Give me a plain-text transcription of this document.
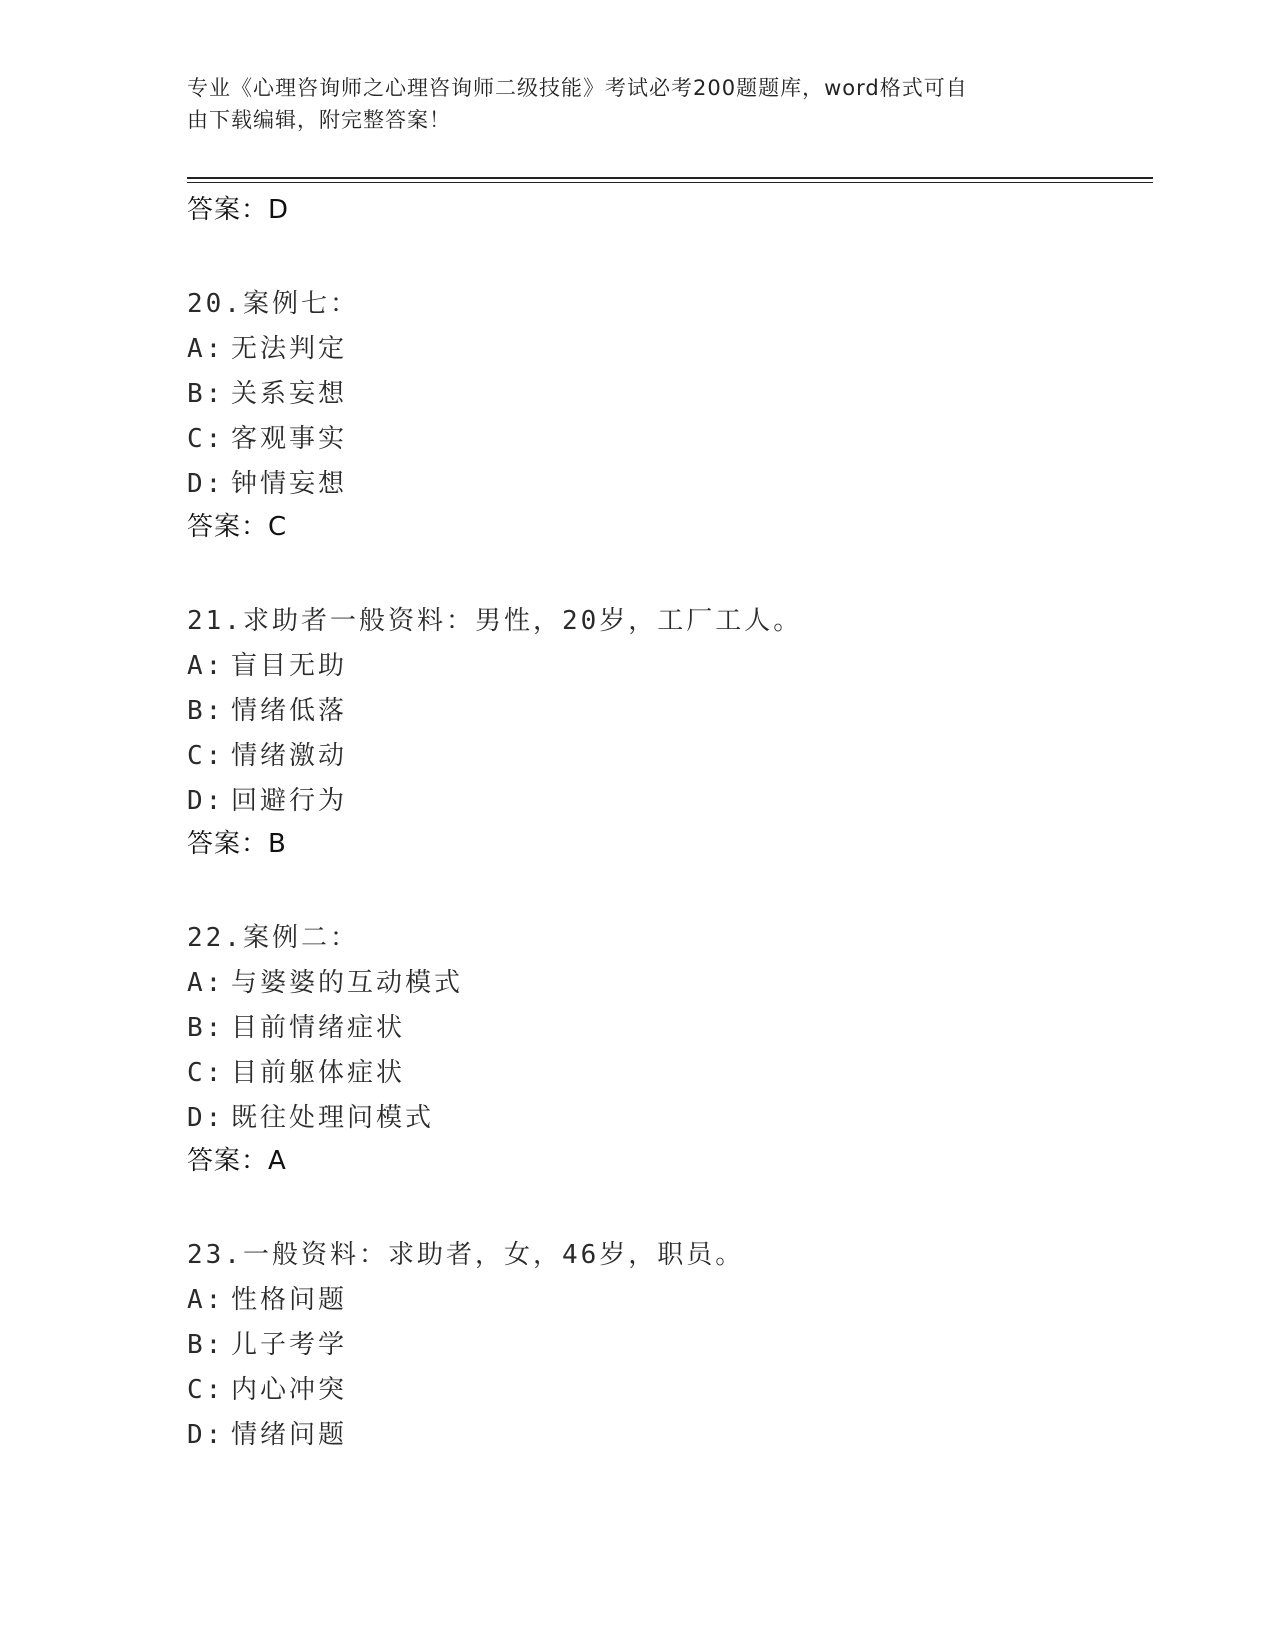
专业《心理咨询师之心理咨询师二级技能》考试必考200题题库，word格式可自
由下载编辑，附完整答案！
答案：D
20.案例七：
A: 无法判定
B: 关系妄想
C: 客观事实
D: 钟情妄想
答案：C
21.求助者一般资料：男性，20岁，工厂工人。
A: 盲目无助
B: 情绪低落
C: 情绪激动
D: 回避行为
答案：B
22.案例二：
A: 与婆婆的互动模式
B: 目前情绪症状
C: 目前躯体症状
D: 既往处理问模式
答案：A
23.一般资料：求助者，女，46岁，职员。
A: 性格问题
B: 儿子考学
C: 内心冲突
D: 情绪问题
